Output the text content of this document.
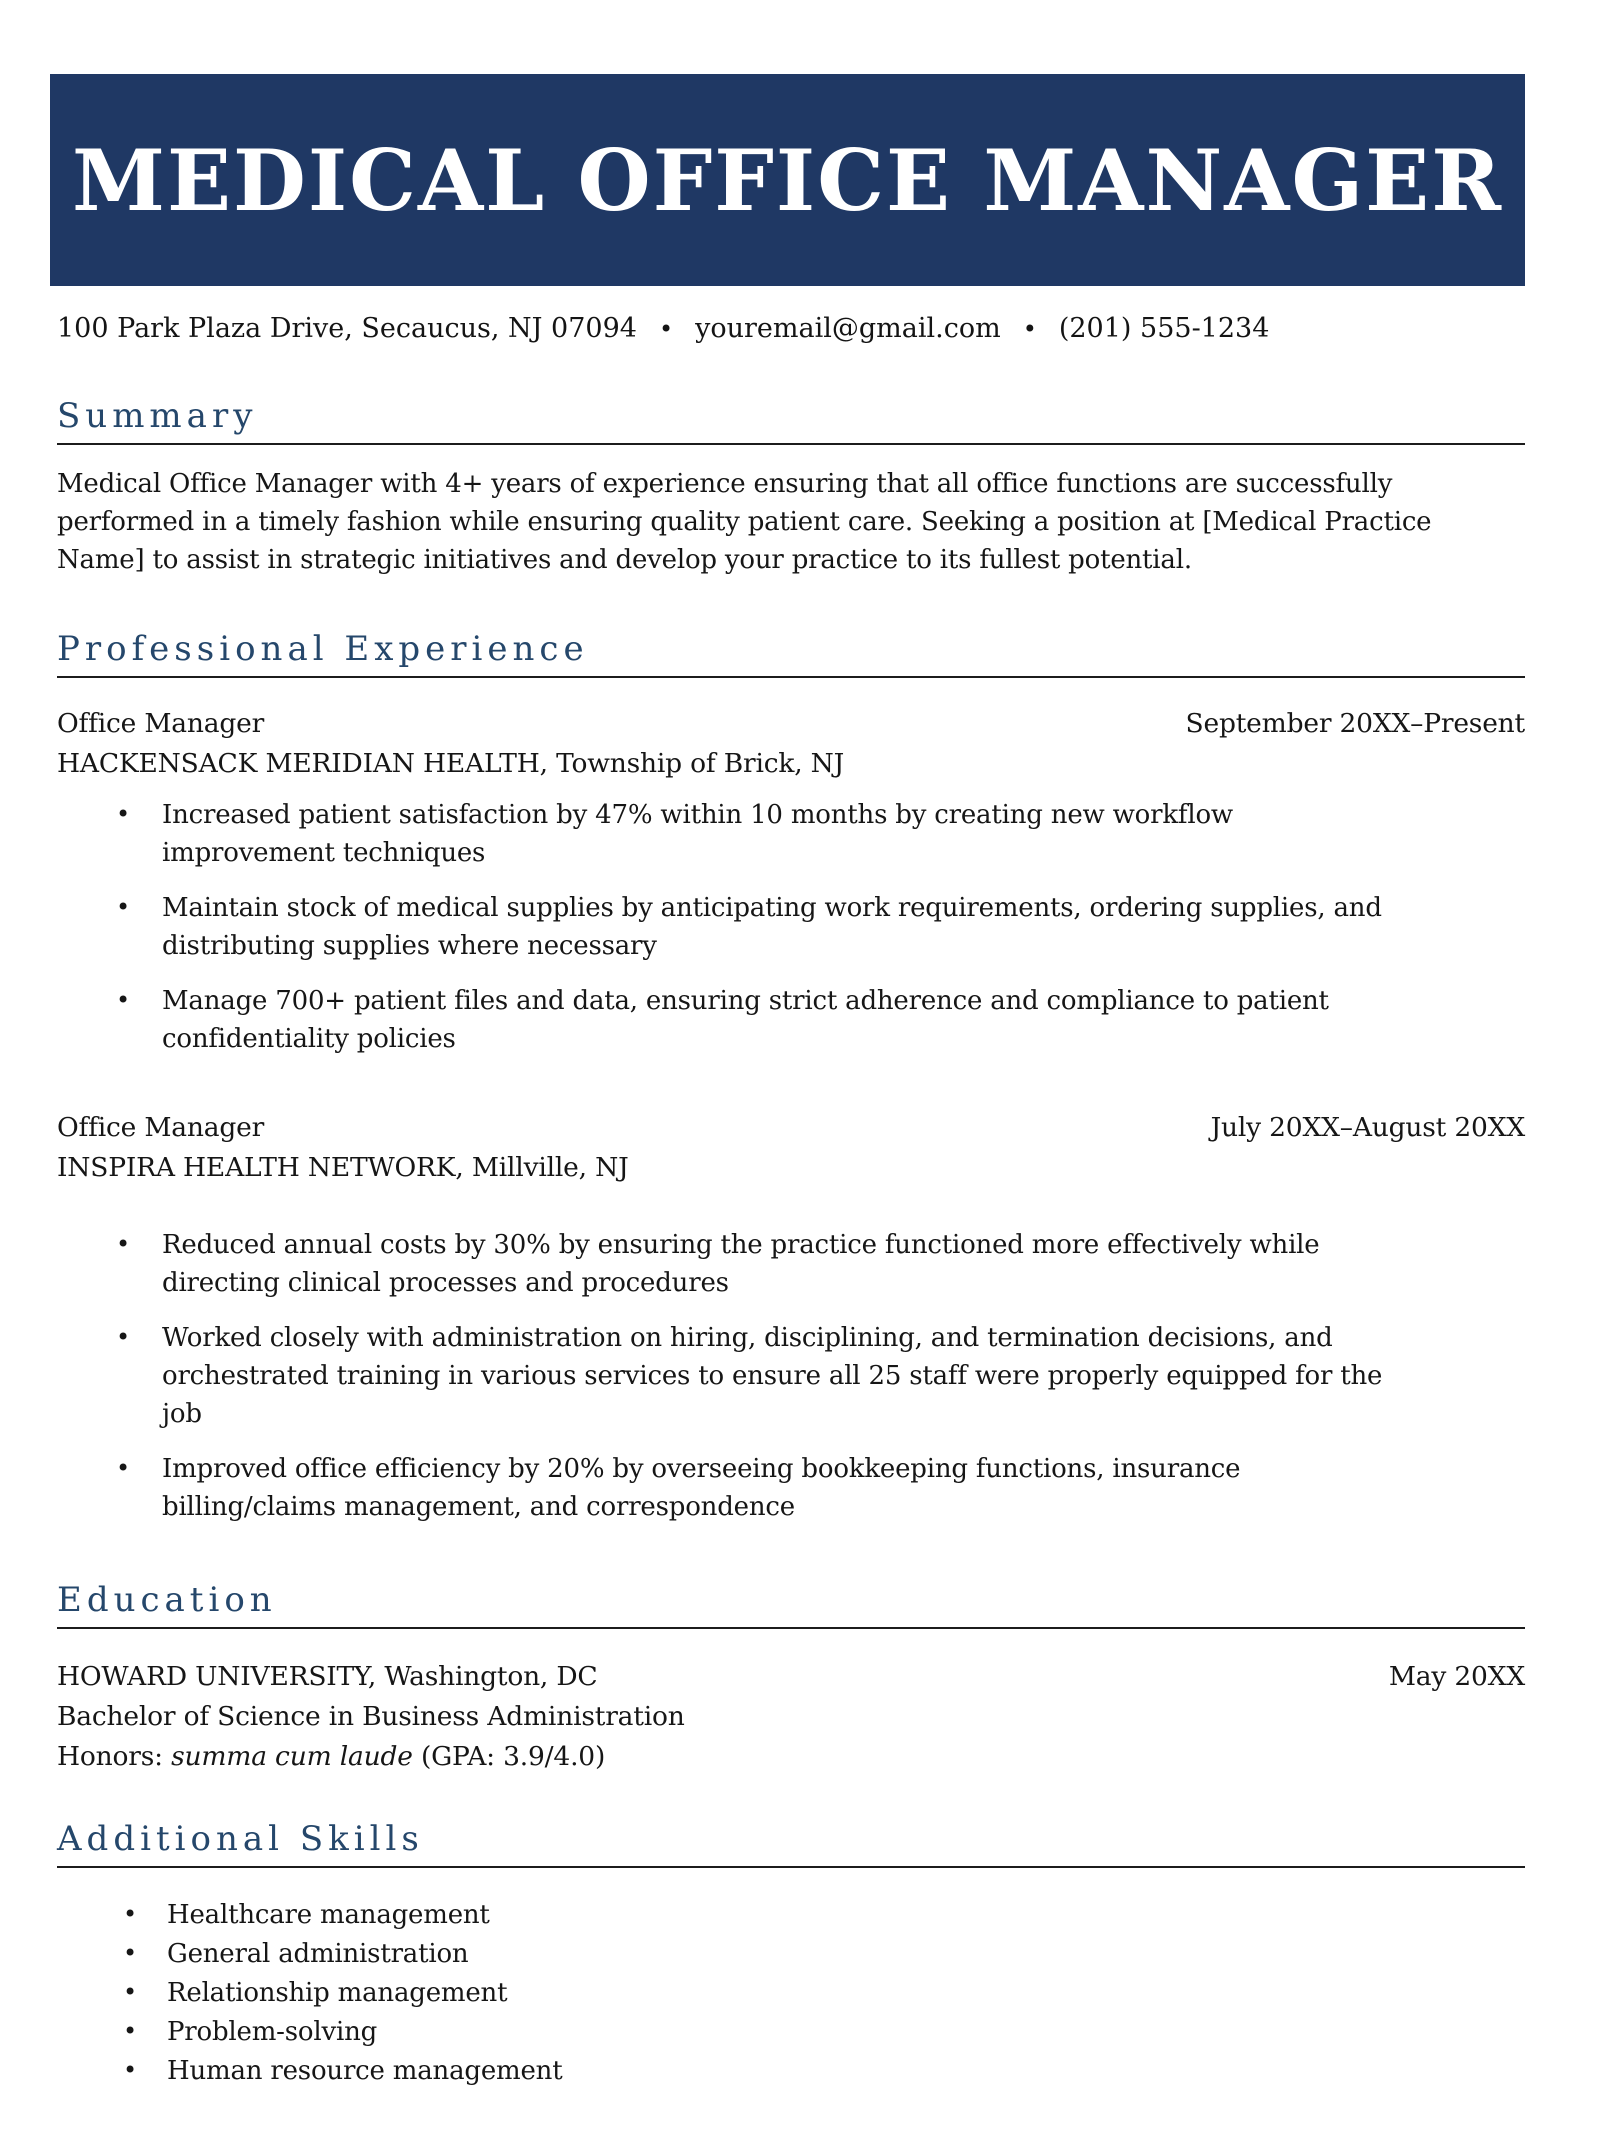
MEDICAL OFFICE MANAGER
100 Park Plaza Drive, Secaucus, NJ 07094 • youremail@gmail.com • (201) 555-1234
Summary

Medical Office Manager with 4+ years of experience ensuring that all office functions are successfully performed in a timely fashion while ensuring quality patient care. Seeking a position at [Medical Practice Name] to assist in strategic initiatives and develop your practice to its fullest potential.

Professional Experience
Office Manager	September 20XX–Present
HACKENSACK MERIDIAN HEALTH, Township of Brick, NJ
• Increased patient satisfaction by 47% within 10 months by creating new workflow improvement techniques
• Maintain stock of medical supplies by anticipating work requirements, ordering supplies, and distributing supplies where necessary
• Manage 700+ patient files and data, ensuring strict adherence and compliance to patient confidentiality policies
Office Manager	July 20XX–August 20XX
INSPIRA HEALTH NETWORK, Millville, NJ
• Reduced annual costs by 30% by ensuring the practice functioned more effectively while directing clinical processes and procedures
• Worked closely with administration on hiring, disciplining, and termination decisions, and orchestrated training in various services to ensure all 25 staff were properly equipped for the job
• Improved office efficiency by 20% by overseeing bookkeeping functions, insurance billing/claims management, and correspondence
Education
HOWARD UNIVERSITY, Washington, DC	May 20XX
Bachelor of Science in Business Administration
Honors: summa cum laude (GPA: 3.9/4.0)
Additional Skills
• Healthcare management
• General administration
• Relationship management
• Problem-solving
• Human resource management
